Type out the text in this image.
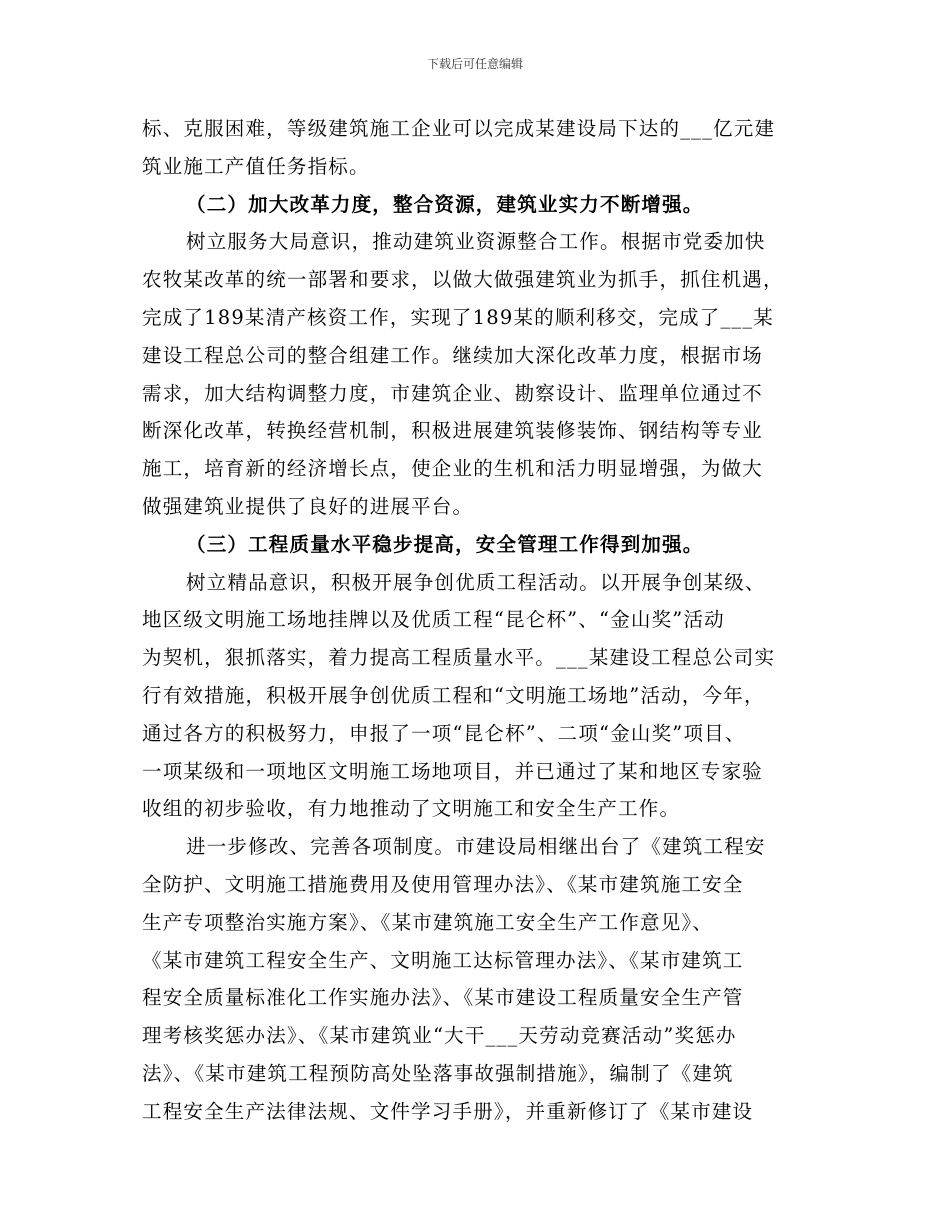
下载后可任意编辑
标、克服困难，等级建筑施工企业可以完成某建设局下达的___亿元建
筑业施工产值任务指标。
（二）加大改革力度，整合资源，建筑业实力不断增强。
树立服务大局意识，推动建筑业资源整合工作。根据市党委加快
农牧某改革的统一部署和要求，以做大做强建筑业为抓手，抓住机遇，
完成了189某清产核资工作，实现了189某的顺利移交，完成了___某
建设工程总公司的整合组建工作。继续加大深化改革力度，根据市场
需求，加大结构调整力度，市建筑企业、勘察设计、监理单位通过不
断深化改革，转换经营机制，积极进展建筑装修装饰、钢结构等专业
施工，培育新的经济增长点，使企业的生机和活力明显增强，为做大
做强建筑业提供了良好的进展平台。
（三）工程质量水平稳步提高，安全管理工作得到加强。
树立精品意识，积极开展争创优质工程活动。以开展争创某级、
地区级文明施工场地挂牌以及优质工程“昆仑杯”、“金山奖”活动
为契机，狠抓落实，着力提高工程质量水平。___某建设工程总公司实
行有效措施，积极开展争创优质工程和“文明施工场地”活动，今年，
通过各方的积极努力，申报了一项“昆仑杯”、二项“金山奖”项目、
一项某级和一项地区文明施工场地项目，并已通过了某和地区专家验
收组的初步验收，有力地推动了文明施工和安全生产工作。
进一步修改、完善各项制度。市建设局相继出台了《建筑工程安
全防护、文明施工措施费用及使用管理办法》、《某市建筑施工安全
生产专项整治实施方案》、《某市建筑施工安全生产工作意见》、
《某市建筑工程安全生产、文明施工达标管理办法》、《某市建筑工
程安全质量标准化工作实施办法》、《某市建设工程质量安全生产管
理考核奖惩办法》、《某市建筑业“大干___天劳动竞赛活动”奖惩办
法》、《某市建筑工程预防高处坠落事故强制措施》，编制了《建筑
工程安全生产法律法规、文件学习手册》，并重新修订了《某市建设
